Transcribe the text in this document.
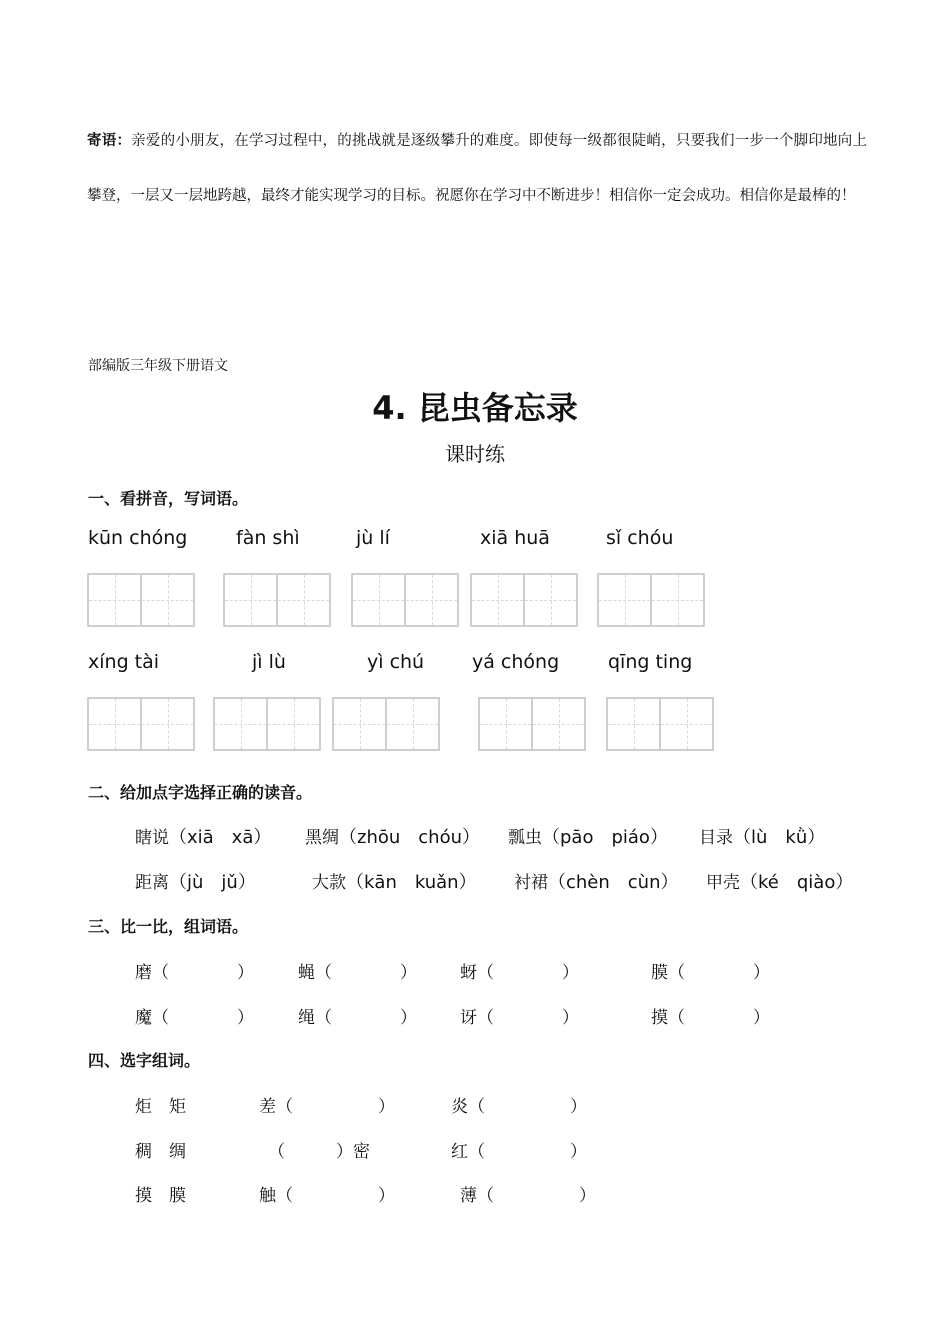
寄语：亲爱的小朋友，在学习过程中，的挑战就是逐级攀升的难度。即使每一级都很陡峭，只要我们一步一个脚印地向上攀登，一层又一层地跨越，最终才能实现学习的目标。祝愿你在学习中不断进步！相信你一定会成功。相信你是最棒的！
部编版三年级下册语文
4. 昆虫备忘录
课时练
一、看拼音，写词语。
kūn chóng	fàn shì	jù lí	xiā huā	sǐ chóu
xíng tài	jì lù	yì chú	yá chóng	qīng ting
二、给加点字选择正确的读音。
瞎说（xiā　xā） 黑绸（zhōu　chóu） 瓢虫（pāo　piáo） 目录（lù　kǜ）
距离（jù　jǔ）	大款（kān　kuǎn） 衬裙（chèn　cùn） 甲壳（ké　qiào）
三、比一比，组词语。
磨（　　　　）	蝇（　　　　）	蚜（　　　　）	膜（　　　　）
魔（　　　　）	绳（　　　　）	讶（　　　　）	摸（　　　　）
四、选字组词。
炬　矩	差（　　　　　）	炎（　　　　　）
稠　绸	（　　　）密	红（　　　　　）
摸　膜	触（　　　　　）	薄（　　　　　）
